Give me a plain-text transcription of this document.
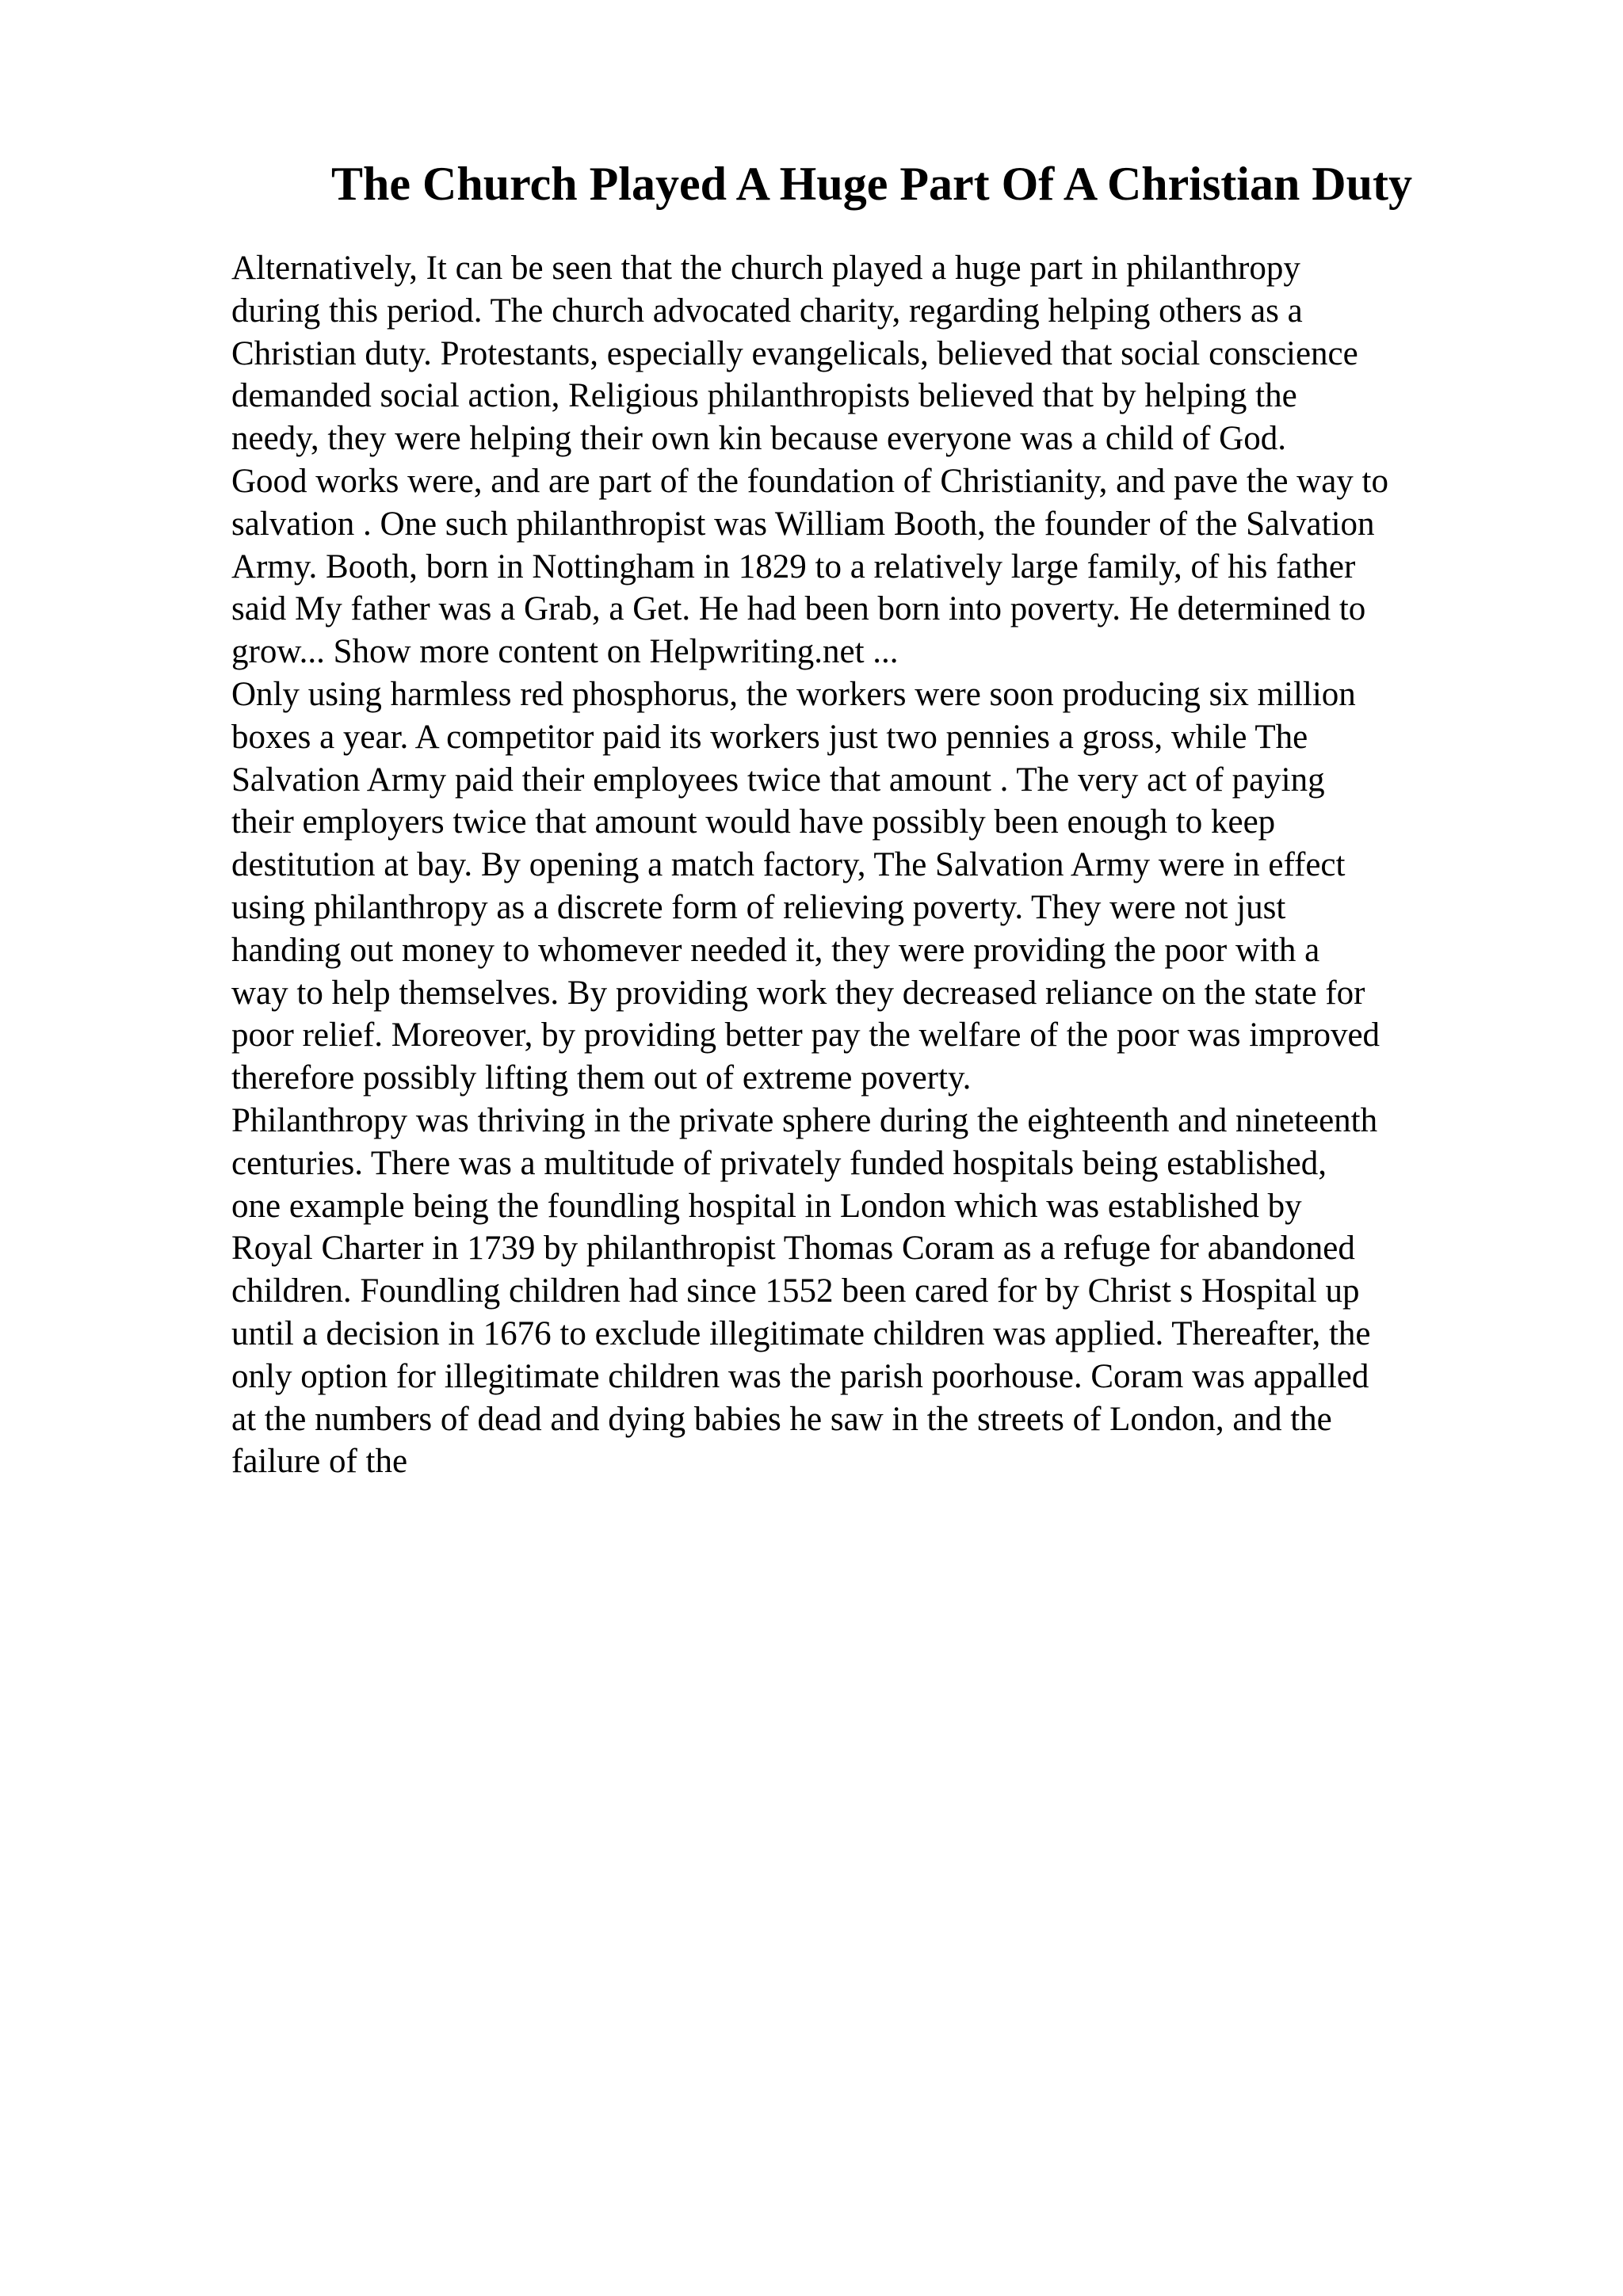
The Church Played A Huge Part Of A Christian Duty
Alternatively, It can be seen that the church played a huge part in philanthropy
during this period. The church advocated charity, regarding helping others as a
Christian duty. Protestants, especially evangelicals, believed that social conscience
demanded social action, Religious philanthropists believed that by helping the
needy, they were helping their own kin because everyone was a child of God.
Good works were, and are part of the foundation of Christianity, and pave the way to
salvation . One such philanthropist was William Booth, the founder of the Salvation
Army. Booth, born in Nottingham in 1829 to a relatively large family, of his father
said My father was a Grab, a Get. He had been born into poverty. He determined to
grow... Show more content on Helpwriting.net ...
Only using harmless red phosphorus, the workers were soon producing six million
boxes a year. A competitor paid its workers just two pennies a gross, while The
Salvation Army paid their employees twice that amount . The very act of paying
their employers twice that amount would have possibly been enough to keep
destitution at bay. By opening a match factory, The Salvation Army were in effect
using philanthropy as a discrete form of relieving poverty. They were not just
handing out money to whomever needed it, they were providing the poor with a
way to help themselves. By providing work they decreased reliance on the state for
poor relief. Moreover, by providing better pay the welfare of the poor was improved
therefore possibly lifting them out of extreme poverty.
Philanthropy was thriving in the private sphere during the eighteenth and nineteenth
centuries. There was a multitude of privately funded hospitals being established,
one example being the foundling hospital in London which was established by
Royal Charter in 1739 by philanthropist Thomas Coram as a refuge for abandoned
children. Foundling children had since 1552 been cared for by Christ s Hospital up
until a decision in 1676 to exclude illegitimate children was applied. Thereafter, the
only option for illegitimate children was the parish poorhouse. Coram was appalled
at the numbers of dead and dying babies he saw in the streets of London, and the
failure of the
